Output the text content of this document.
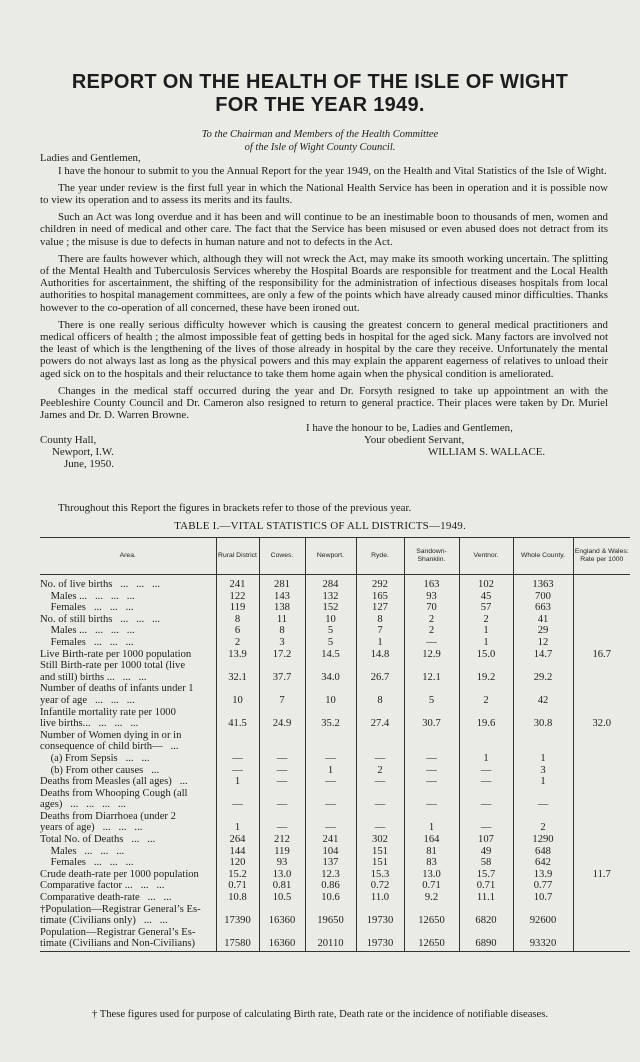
REPORT ON THE HEALTH OF THE ISLE OF WIGHT
FOR THE YEAR 1949.
To the Chairman and Members of the Health Committee
of the Isle of Wight County Council.

Ladies and Gentlemen,

I have the honour to submit to you the Annual Report for the year 1949, on the Health and Vital Statistics of the Isle of Wight.

The year under review is the first full year in which the National Health Service has been in operation and it is possible now to view its operation and to assess its merits and its faults.

Such an Act was long overdue and it has been and will continue to be an inestimable boon to thousands of men, women and children in need of medical and other care. The fact that the Service has been misused or even abused does not detract from its value ; the misuse is due to defects in human nature and not to defects in the Act.

There are faults however which, although they will not wreck the Act, may make its smooth working uncertain. The splitting of the Mental Health and Tuberculosis Services whereby the Hospital Boards are responsible for treatment and the Local Health Authorities for ascertainment, the shifting of the responsibility for the administration of infectious diseases hospitals from local authorities to hospital management committees, are only a few of the points which have already caused minor difficulties. Thanks however to the co-operation of all concerned, these have been ironed out.

There is one really serious difficulty however which is causing the greatest concern to general medical practitioners and medical officers of health ; the almost impossible feat of getting beds in hospital for the aged sick. Many factors are involved not the least of which is the lengthening of the lives of those already in hospital by the care they receive. Unfortunately the mental powers do not always last as long as the physical powers and this may explain the apparent eagerness of relatives to unload their aged sick on to the hospitals and their reluctance to take them home again when the physical condition is ameliorated.

Changes in the medical staff occurred during the year and Dr. Forsyth resigned to take up appointment an with the Peebleshire County Council and Dr. Cameron also resigned to return to general practice. Their places were taken by Dr. Muriel James and Dr. D. Warren Browne.

I have the honour to be, Ladies and Gentlemen,
County Hall,	Your obedient Servant,
Newport, I.W.	WILLIAM S. WALLACE.
June, 1950.
Throughout this Report the figures in brackets refer to those of the previous year.
TABLE I.—VITAL STATISTICS OF ALL DISTRICTS—1949.
Area.	Rural District	Cowes.	Newport.	Ryde.	Sandown-Shanklin.	Ventnor.	Whole County.	England & Wales: Rate per 1000
No. of live births   ...   ...   ...	241	281	284	292	163	102	1363	
Males ...   ...   ...   ...	122	143	132	165	93	45	700	
Females   ...   ...   ...	119	138	152	127	70	57	663	
No. of still births   ...   ...   ...	8	11	10	8	2	2	41	
Males ...   ...   ...   ...	6	8	5	7	2	1	29	
Females   ...   ...   ...	2	3	5	1	—	1	12	
Live Birth-rate per 1000 population	13.9	17.2	14.5	14.8	12.9	15.0	14.7	16.7
Still Birth-rate per 1000 total (live
and still) births ...   ...   ...	32.1	37.7	34.0	26.7	12.1	19.2	29.2	
Number of deaths of infants under 1
year of age   ...   ...   ...	10	7	10	8	5	2	42	
Infantile mortality rate per 1000
live births...   ...   ...   ...	41.5	24.9	35.2	27.4	30.7	19.6	30.8	32.0
Number of Women dying in or in
consequence of child birth—   ...								

(a) From Sepsis   ...   ...	—	—	—	—	—	1	1	
(b) From other causes   ...	—	—	1	2	—	—	3	
Deaths from Measles (all ages)   ...	1	—	—	—	—	—	1	
Deaths from Whooping Cough (all
ages)   ...   ...   ...   ...	—	—	—	—	—	—	—	
Deaths from Diarrhoea (under 2
years of age)   ...   ...   ...	1	—	—	—	1	—	2	
Total No. of Deaths   ...   ...	264	212	241	302	164	107	1290	
Males   ...   ...   ...	144	119	104	151	81	49	648	
Females   ...   ...   ...	120	93	137	151	83	58	642	
Crude death-rate per 1000 population	15.2	13.0	12.3	15.3	13.0	15.7	13.9	11.7
Comparative factor ...   ...   ...	0.71	0.81	0.86	0.72	0.71	0.71	0.77	
Comparative death-rate   ...   ...	10.8	10.5	10.6	11.0	9.2	11.1	10.7	
†Population—Registrar General’s Es-
timate (Civilians only)   ...   ...	17390	16360	19650	19730	12650	6820	92600	
Population—Registrar General’s Es-
timate (Civilians and Non-Civilians)	17580	16360	20110	19730	12650	6890	93320	
† These figures used for purpose of calculating Birth rate, Death rate or the incidence of notifiable diseases.
